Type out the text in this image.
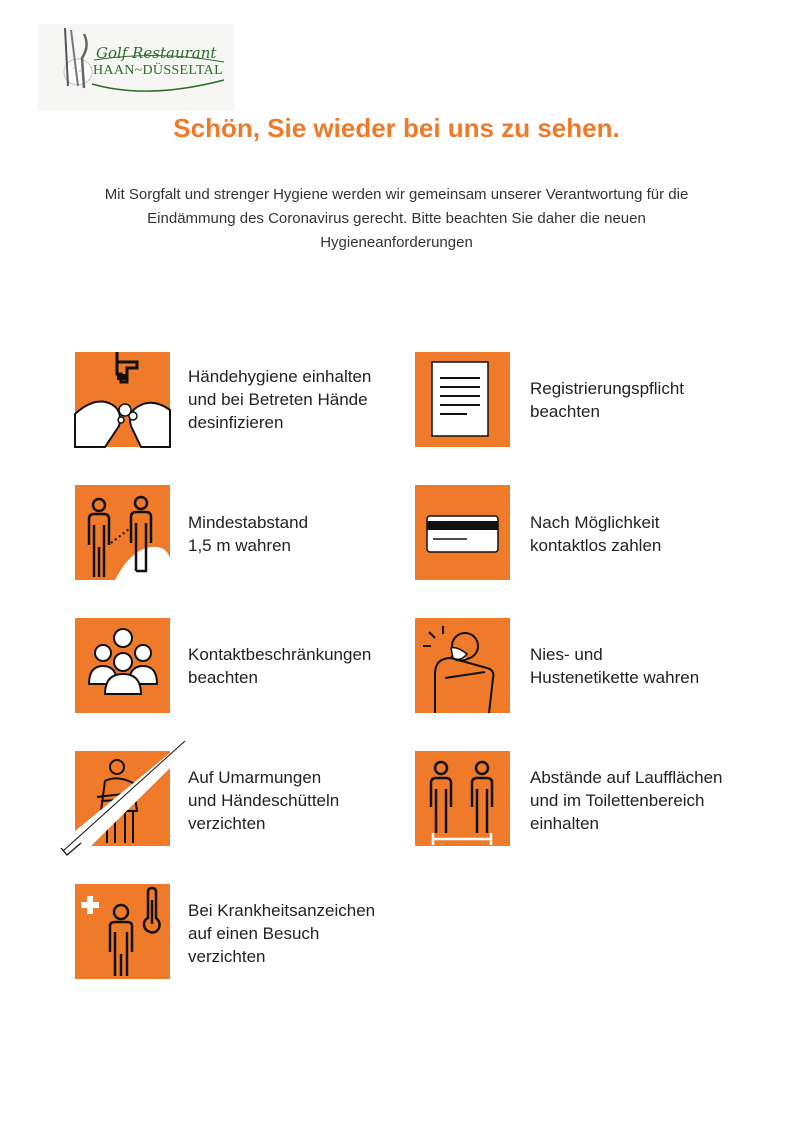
Golf Restaurant
HAAN~DÜSSELTAL
Schön, Sie wieder bei uns zu sehen.

Mit Sorgfalt und strenger Hygiene werden wir gemeinsam unserer Verantwortung für die Eindämmung des Coronavirus gerecht. Bitte beachten Sie daher die neuen Hygieneanforderungen

Händehygiene einhalten
und bei Betreten Hände
desinfizieren
Registrierungspflicht
beachten
Mindestabstand
1,5 m wahren
Nach Möglichkeit
kontaktlos zahlen
Kontaktbeschränkungen
beachten
Nies- und
Hustenetikette wahren
Auf Umarmungen
und Händeschütteln
verzichten
Abstände auf Laufflächen
und im Toilettenbereich
einhalten
Bei Krankheitsanzeichen
auf einen Besuch
verzichten
